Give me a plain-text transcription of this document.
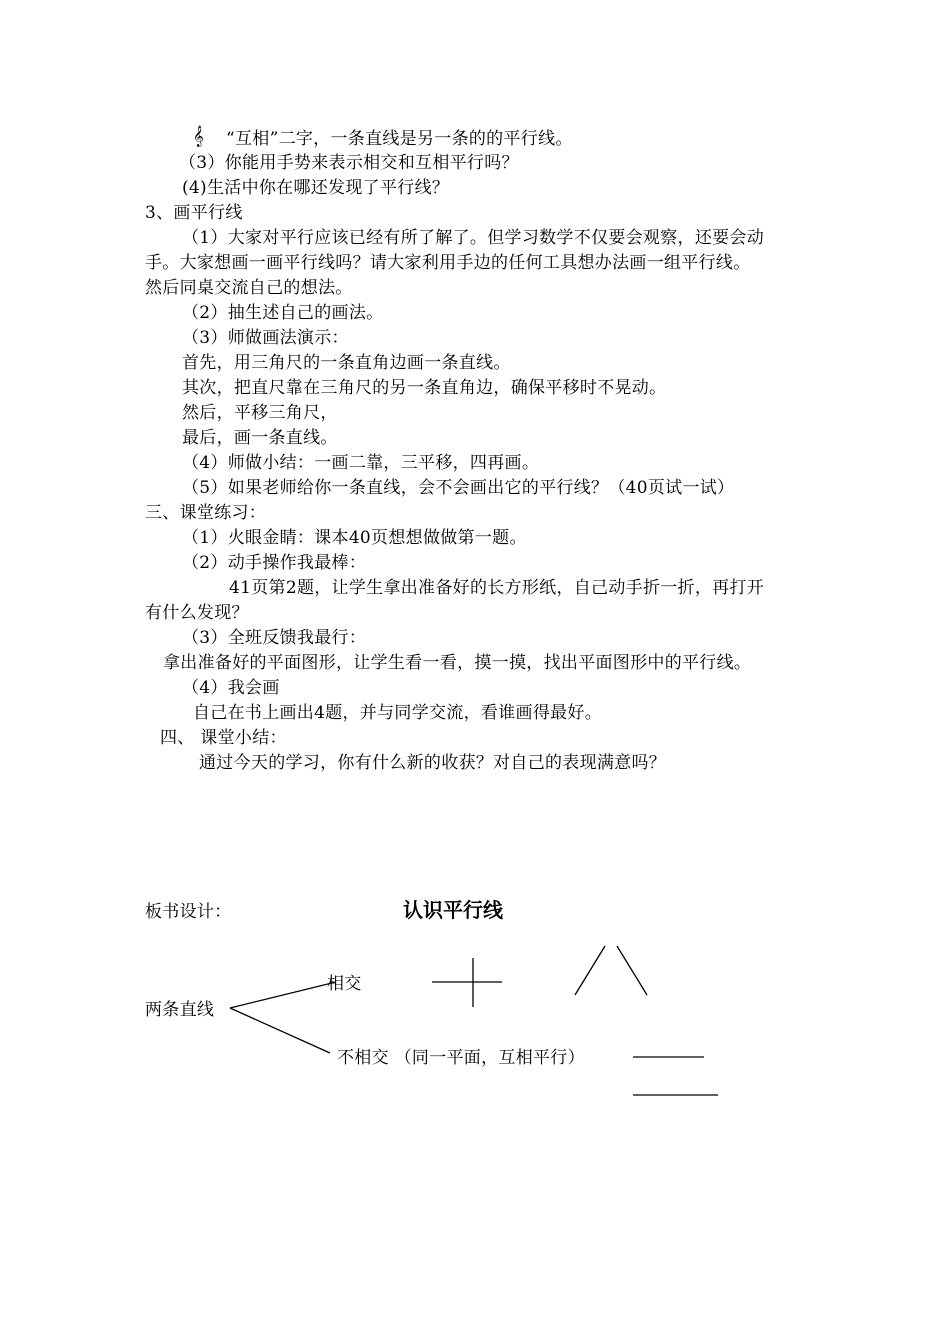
𝄞 “互相”二字，一条直线是另一条的的平行线。
（3）你能用手势来表示相交和互相平行吗？
(4)生活中你在哪还发现了平行线？
3、画平行线
（1）大家对平行应该已经有所了解了。但学习数学不仅要会观察，还要会动
手。大家想画一画平行线吗？请大家利用手边的任何工具想办法画一组平行线。
然后同桌交流自己的想法。
（2）抽生述自己的画法。
（3）师做画法演示：
首先，用三角尺的一条直角边画一条直线。
其次，把直尺靠在三角尺的另一条直角边，确保平移时不晃动。
然后，平移三角尺，
最后，画一条直线。
（4）师做小结：一画二靠，三平移，四再画。
（5）如果老师给你一条直线，会不会画出它的平行线？（40页试一试）
三、课堂练习：
（1）火眼金睛：课本40页想想做做第一题。
（2）动手操作我最棒：
41页第2题，让学生拿出准备好的长方形纸，自己动手折一折，再打开
有什么发现？
（3）全班反馈我最行：
拿出准备好的平面图形，让学生看一看，摸一摸，找出平面图形中的平行线。
（4）我会画
自己在书上画出4题，并与同学交流，看谁画得最好。
四、 课堂小结：
通过今天的学习，你有什么新的收获？对自己的表现满意吗？
板书设计：	认识平行线
两条直线
相交
不相交 （同一平面，互相平行）
